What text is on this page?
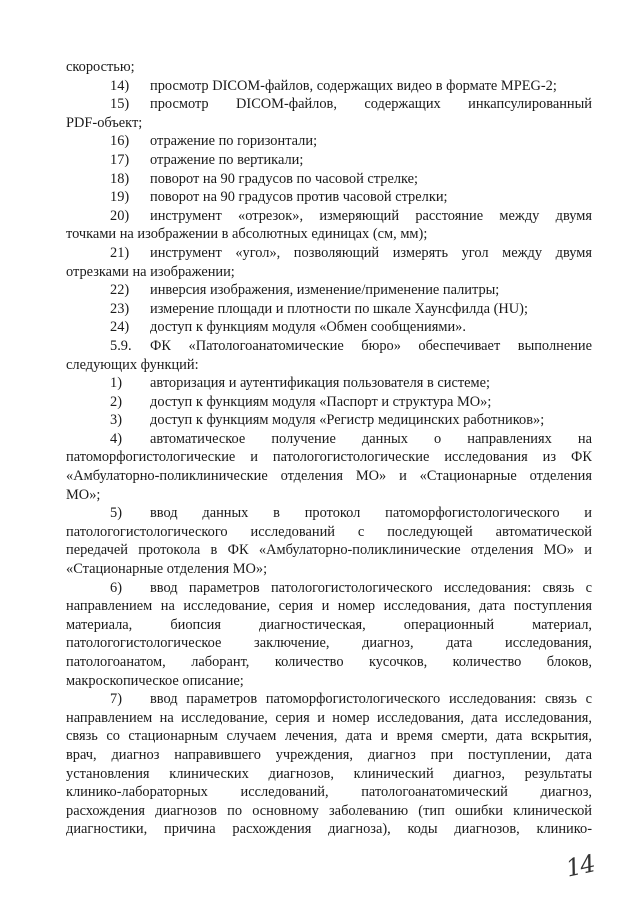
скоростью;
14) просмотр DICOM-файлов, содержащих видео в формате MPEG-2;
15) просмотр DICOM-файлов, содержащих инкапсулированный
PDF-объект;
16) отражение по горизонтали;
17) отражение по вертикали;
18) поворот на 90 градусов по часовой стрелке;
19) поворот на 90 градусов против часовой стрелки;
20) инструмент «отрезок», измеряющий расстояние между двумя
точками на изображении в абсолютных единицах (см, мм);
21) инструмент «угол», позволяющий измерять угол между двумя
отрезками на изображении;
22) инверсия изображения, изменение/применение палитры;
23) измерение площади и плотности по шкале Хаунсфилда (HU);
24) доступ к функциям модуля «Обмен сообщениями».
5.9. ФК «Патологоанатомические бюро» обеспечивает выполнение
следующих функций:
1) авторизация и аутентификация пользователя в системе;
2) доступ к функциям модуля «Паспорт и структура МО»;
3) доступ к функциям модуля «Регистр медицинских работников»;
4) автоматическое получение данных о направлениях на
патоморфогистологические и патологогистологические исследования из ФК
«Амбулаторно-поликлинические отделения МО» и «Стационарные отделения
МО»;
5) ввод данных в протокол патоморфогистологического и
патологогистологического исследований с последующей автоматической
передачей протокола в ФК «Амбулаторно-поликлинические отделения МО» и
«Стационарные отделения МО»;
6) ввод параметров патологогистологического исследования: связь с
направлением на исследование, серия и номер исследования, дата поступления
материала, биопсия диагностическая, операционный материал,
патологогистологическое заключение, диагноз, дата исследования,
патологоанатом, лаборант, количество кусочков, количество блоков,
макроскопическое описание;
7) ввод параметров патоморфогистологического исследования: связь с
направлением на исследование, серия и номер исследования, дата исследования,
связь со стационарным случаем лечения, дата и время смерти, дата вскрытия,
врач, диагноз направившего учреждения, диагноз при поступлении, дата
установления клинических диагнозов, клинический диагноз, результаты
клинико-лабораторных исследований, патологоанатомический диагноз,
расхождения диагнозов по основному заболеванию (тип ошибки клинической
диагностики, причина расхождения диагноза), коды диагнозов, клинико-
14
